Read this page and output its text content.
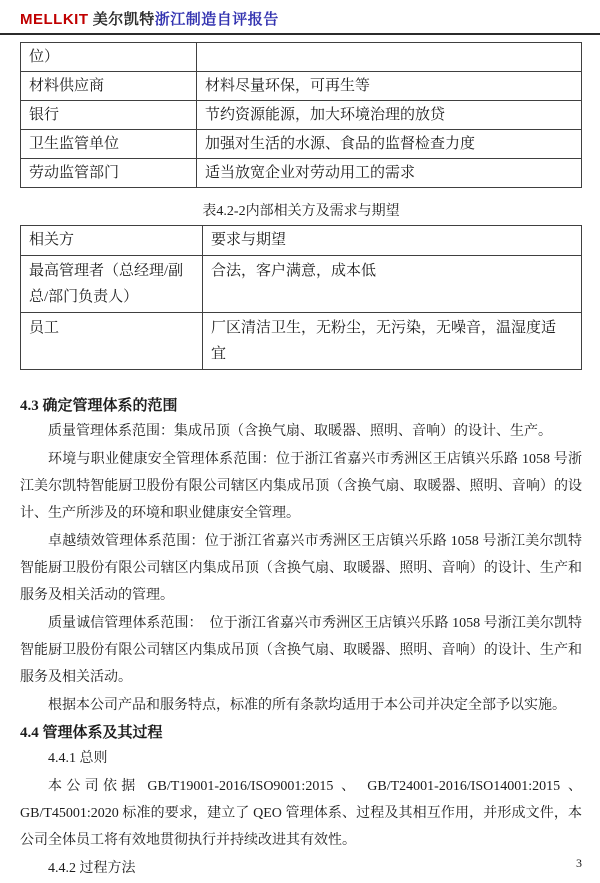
MELLKIT 美尔凯特浙江制造自评报告
位）	
材料供应商	材料尽量环保，可再生等
银行	节约资源能源，加大环境治理的放贷
卫生监管单位	加强对生活的水源、食品的监督检查力度
劳动监管部门	适当放宽企业对劳动用工的需求
表4.2-2内部相关方及需求与期望
相关方	要求与期望
最高管理者（总经理/副总/部门负责人）	合法，客户满意，成本低
员工	厂区清洁卫生，无粉尘，无污染，无噪音，温湿度适宜
4.3 确定管理体系的范围

质量管理体系范围：集成吊顶（含换气扇、取暖器、照明、音响）的设计、生产。

环境与职业健康安全管理体系范围：位于浙江省嘉兴市秀洲区王店镇兴乐路 1058 号浙江美尔凯特智能厨卫股份有限公司辖区内集成吊顶（含换气扇、取暖器、照明、音响）的设计、生产所涉及的环境和职业健康安全管理。

卓越绩效管理体系范围：位于浙江省嘉兴市秀洲区王店镇兴乐路 1058 号浙江美尔凯特智能厨卫股份有限公司辖区内集成吊顶（含换气扇、取暖器、照明、音响）的设计、生产和服务及相关活动的管理。

质量诚信管理体系范围：　位于浙江省嘉兴市秀洲区王店镇兴乐路 1058 号浙江美尔凯特智能厨卫股份有限公司辖区内集成吊顶（含换气扇、取暖器、照明、音响）的设计、生产和服务及相关活动。

根据本公司产品和服务特点，标准的所有条款均适用于本公司并决定全部予以实施。

4.4 管理体系及其过程

4.4.1 总则

本公司依据 GB/T19001-2016/ISO9001:2015 、 GB/T24001-2016/ISO14001:2015 、GB/T45001:2020 标准的要求，建立了 QEO 管理体系、过程及其相互作用，并形成文件，本公司全体员工将有效地贯彻执行并持续改进其有效性。

4.4.2 过程方法	3
